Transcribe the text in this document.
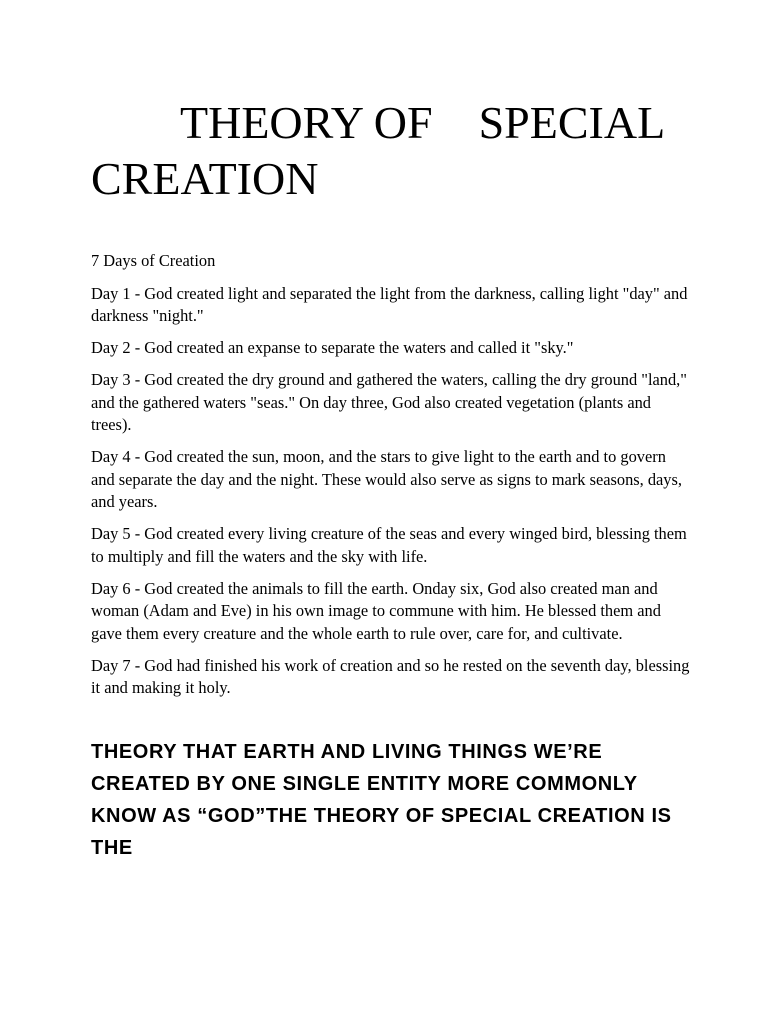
THEORY OF    SPECIAL
CREATION

7 Days of Creation

Day 1 - God created light and separated the light from the darkness, calling light "day" and darkness "night."

Day 2 - God created an expanse to separate the waters and called it "sky."

Day 3 - God created the dry ground and gathered the waters, calling the dry ground "land," and the gathered waters "seas." On day three, God also created vegetation (plants and trees).

Day 4 - God created the sun, moon, and the stars to give light to the earth and to govern and separate the day and the night. These would also serve as signs to mark seasons, days, and years.

Day 5 - God created every living creature of the seas and every winged bird, blessing them to multiply and fill the waters and the sky with life.

Day 6 - God created the animals to fill the earth. Onday six, God also created man and woman (Adam and Eve) in his own image to commune with him. He blessed them and gave them every creature and the whole earth to rule over, care for, and cultivate.

Day 7 - God had finished his work of creation and so he rested on the seventh day, blessing it and making it holy.

THEORY THAT EARTH AND LIVING THINGS WE’RE CREATED BY ONE SINGLE ENTITY MORE COMMONLY KNOW AS “GOD”THE THEORY OF SPECIAL CREATION IS THE
